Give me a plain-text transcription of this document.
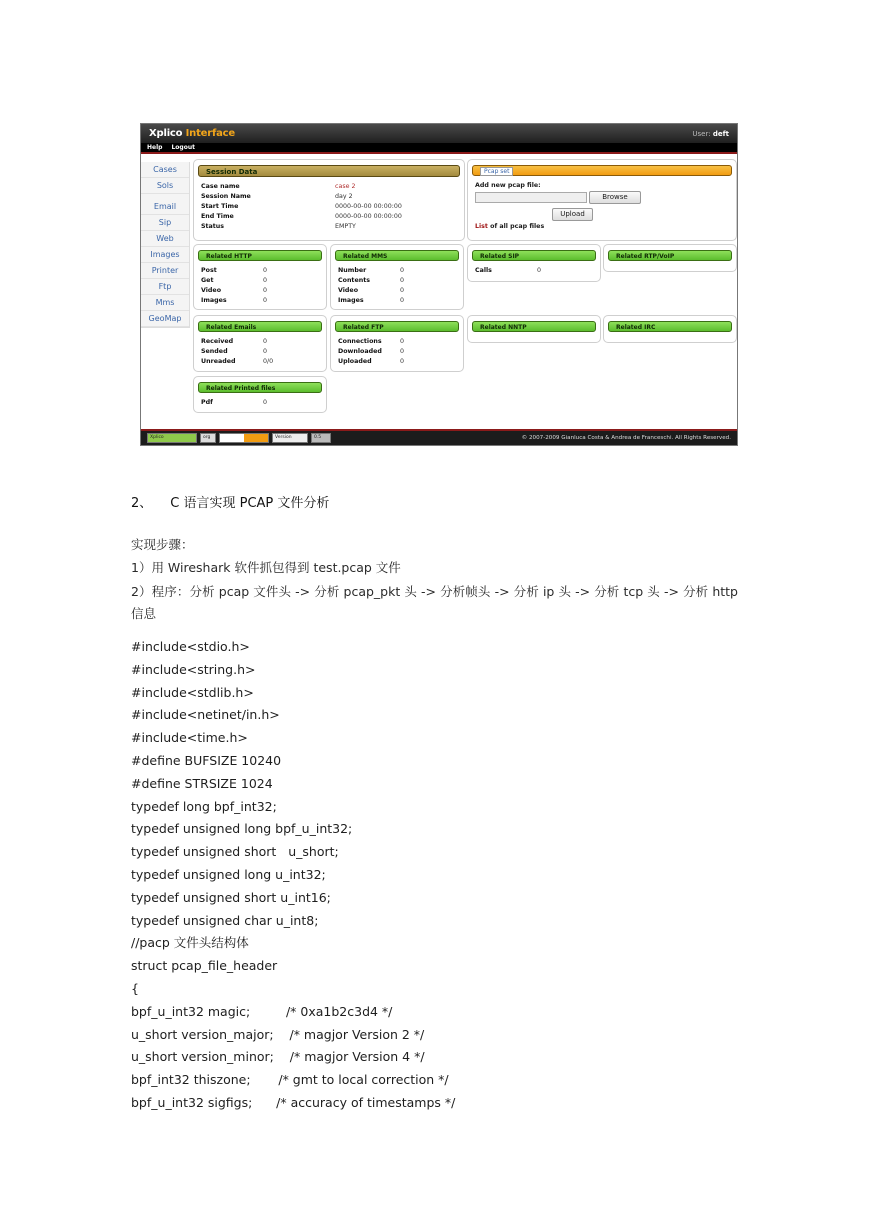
Xplico Interface	User: deft
Help Logout
Cases
Sols
Email
Sip
Web
Images
Printer
Ftp
Mms
GeoMap
Session Data
Case name	case 2
Session Name	day 2
Start Time	0000-00-00 00:00:00
End Time	0000-00-00 00:00:00
Status	EMPTY
Pcap set
Add new pcap file:
Browse
Upload
List of all pcap files
Related HTTP
Post	0
Get	0
Video	0
Images	0
Related MMS
Number	0
Contents	0
Video	0
Images	0
Related SIP
Calls	0
Related RTP/VoIP
Related Emails
Received	0
Sended	0
Unreaded	0/0
Related FTP
Connections	0
Downloaded	0
Uploaded	0
Related NNTP	Related IRC
Related Printed files
Pdf	0
Xplico	org	Version	0.5	© 2007-2009 Gianluca Costa & Andrea de Franceschi. All Rights Reserved.
2、 C 语言实现 PCAP 文件分析
实现步骤：
1）用 Wireshark 软件抓包得到 test.pcap 文件
2）程序：分析 pcap 文件头 -> 分析 pcap_pkt 头 -> 分析帧头 -> 分析 ip 头 -> 分析 tcp 头 -> 分析 http 信息
#include<stdio.h>
#include<string.h>
#include<stdlib.h>
#include<netinet/in.h>
#include<time.h>
#define BUFSIZE 10240
#define STRSIZE 1024
typedef long bpf_int32;
typedef unsigned long bpf_u_int32;
typedef unsigned short   u_short;
typedef unsigned long u_int32;
typedef unsigned short u_int16;
typedef unsigned char u_int8;
//pacp 文件头结构体
struct pcap_file_header
{
bpf_u_int32 magic;         /* 0xa1b2c3d4 */
u_short version_major;    /* magjor Version 2 */
u_short version_minor;    /* magjor Version 4 */
bpf_int32 thiszone;       /* gmt to local correction */
bpf_u_int32 sigfigs;      /* accuracy of timestamps */
